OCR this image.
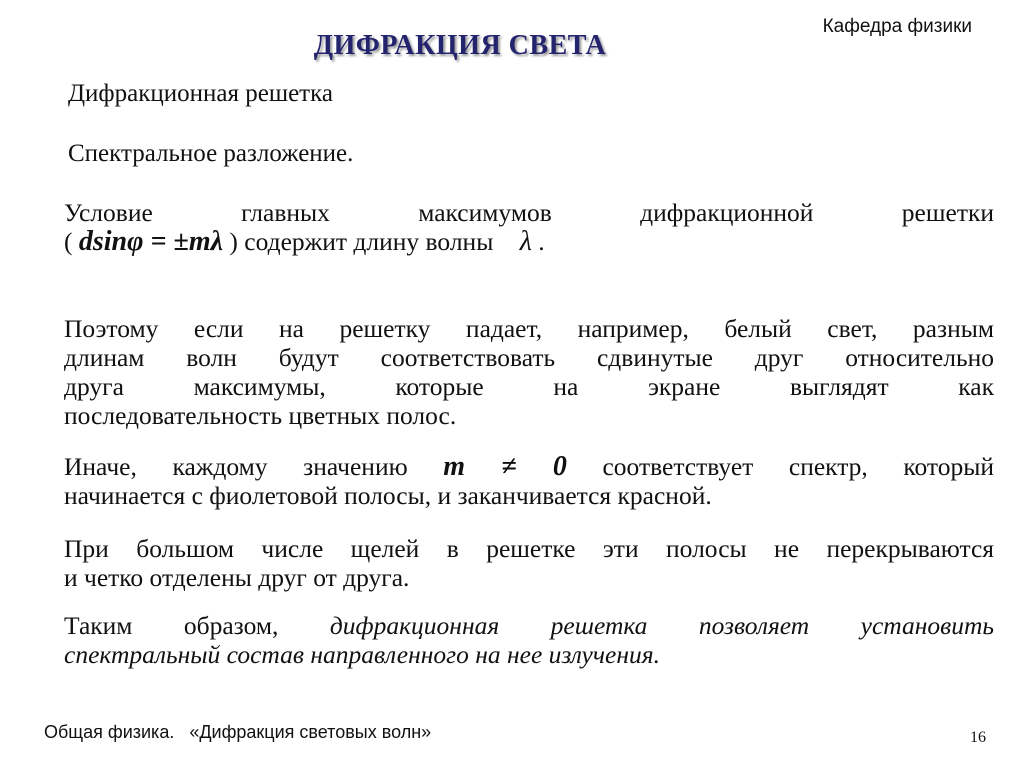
Кафедра физики
ДИФРАКЦИЯ СВЕТА
Дифракционная решетка
Спектральное разложение.
Условие главных максимумов дифракционной решетки
( dsinφ = ±mλ ) содержит длину волны λ .
Поэтому если на решетку падает, например, белый свет, разным
длинам волн будут соответствовать сдвинутые друг относительно
друга максимумы, которые на экране выглядят как
последовательность цветных полос.
Иначе, каждому значению m ≠ 0 соответствует спектр, который
начинается с фиолетовой полосы, и заканчивается красной.
При большом числе щелей в решетке эти полосы не перекрываются
и четко отделены друг от друга.
Таким образом, дифракционная решетка позволяет установить
спектральный состав направленного на нее излучения.
Общая физика.   «Дифракция световых волн»	16
